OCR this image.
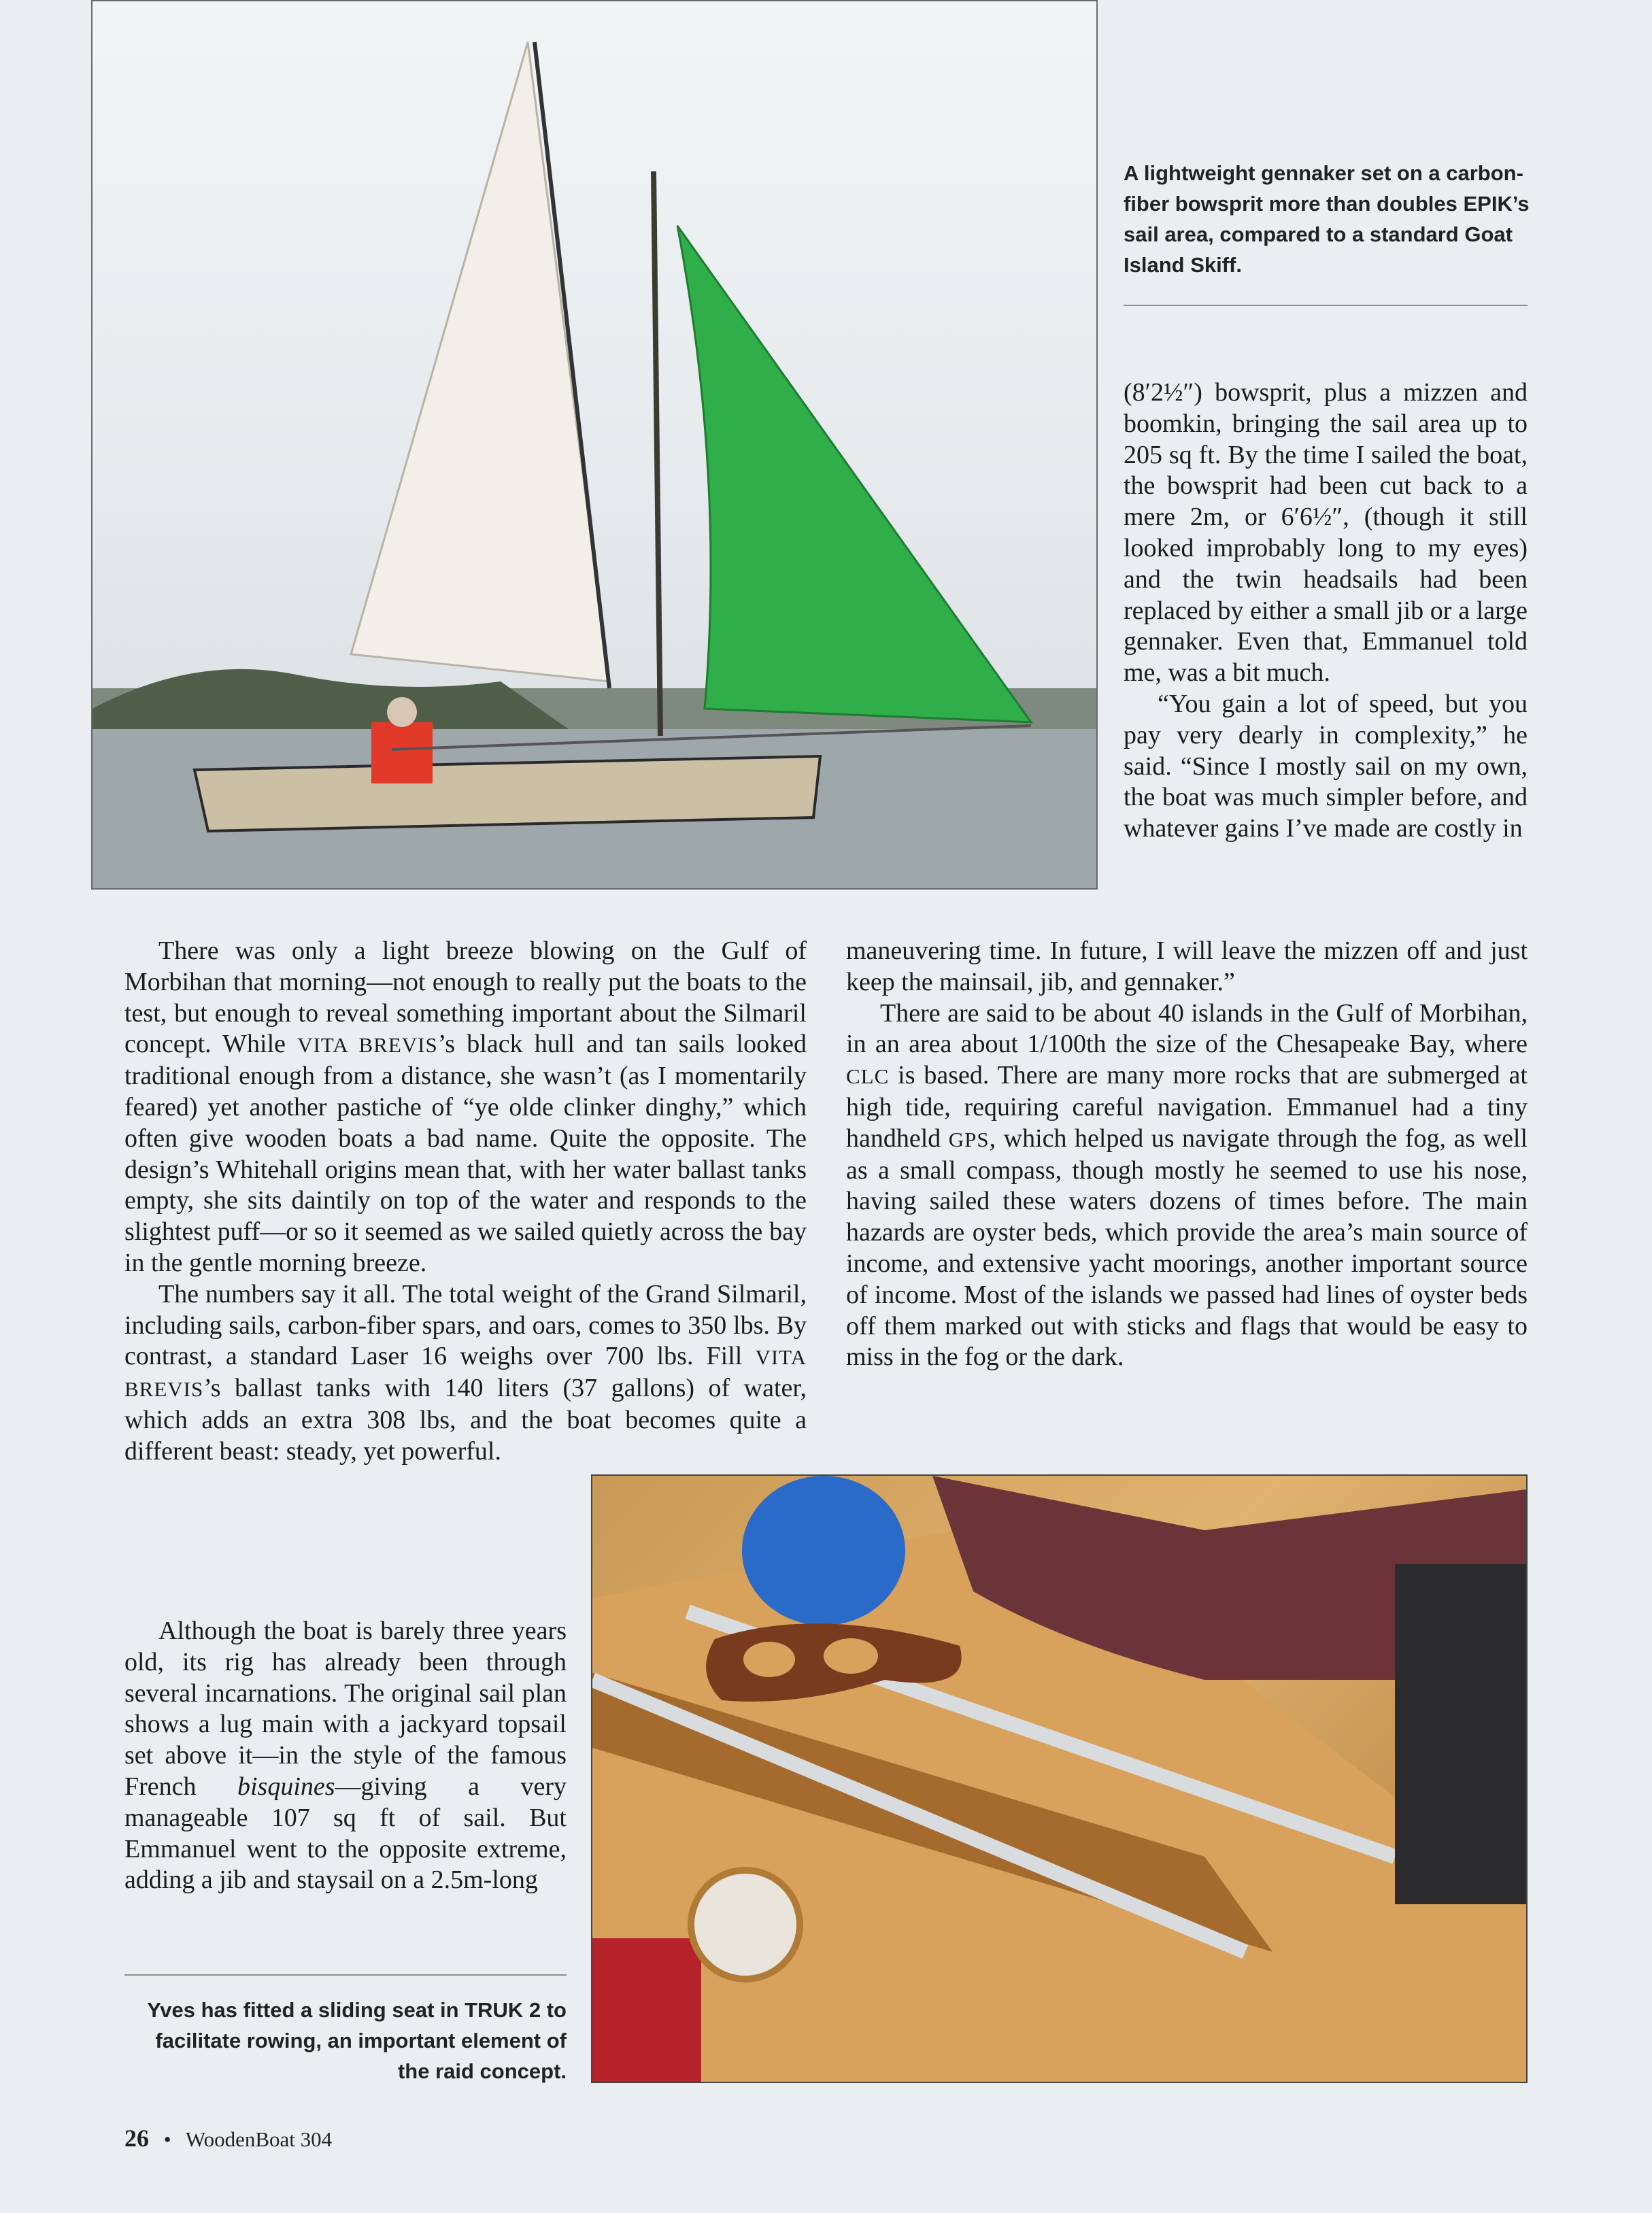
A lightweight gennaker set on a carbon-fiber bowsprit more than doubles EPIK’s sail area, compared to a standard Goat Island Skiff.

(8′2½″) bowsprit, plus a mizzen and boomkin, bringing the sail area up to 205 sq ft. By the time I sailed the boat, the bowsprit had been cut back to a mere 2m, or 6′6½″, (though it still looked improbably long to my eyes) and the twin headsails had been replaced by either a small jib or a large gennaker. Even that, Emmanuel told me, was a bit much.

“You gain a lot of speed, but you pay very dearly in complexity,” he said. “Since I mostly sail on my own, the boat was much simpler before, and whatever gains I’ve made are costly in

There was only a light breeze blowing on the Gulf of Morbihan that morning—not enough to really put the boats to the test, but enough to reveal something important about the Silmaril concept. While VITA BREVIS’s black hull and tan sails looked traditional enough from a distance, she wasn’t (as I momentarily feared) yet another pastiche of “ye olde clinker dinghy,” which often give wooden boats a bad name. Quite the opposite. The design’s Whitehall origins mean that, with her water ballast tanks empty, she sits daintily on top of the water and responds to the slightest puff—or so it seemed as we sailed quietly across the bay in the gentle morning breeze.

The numbers say it all. The total weight of the Grand Silmaril, including sails, carbon-fiber spars, and oars, comes to 350 lbs. By contrast, a standard Laser 16 weighs over 700 lbs. Fill VITA BREVIS’s ballast tanks with 140 liters (37 gallons) of water, which adds an extra 308 lbs, and the boat becomes quite a different beast: steady, yet powerful.

Although the boat is barely three years old, its rig has already been through several incarnations. The original sail plan shows a lug main with a jackyard topsail set above it—in the style of the famous French bisquines—giving a very manageable 107 sq ft of sail. But Emmanuel went to the opposite extreme, adding a jib and staysail on a 2.5m-long

maneuvering time. In future, I will leave the mizzen off and just keep the mainsail, jib, and gennaker.”

There are said to be about 40 islands in the Gulf of Morbihan, in an area about 1/100th the size of the Chesapeake Bay, where CLC is based. There are many more rocks that are submerged at high tide, requiring careful navigation. Emmanuel had a tiny handheld GPS, which helped us navigate through the fog, as well as a small compass, though mostly he seemed to use his nose, having sailed these waters dozens of times before. The main hazards are oyster beds, which provide the area’s main source of income, and extensive yacht moorings, another important source of income. Most of the islands we passed had lines of oyster beds off them marked out with sticks and flags that would be easy to miss in the fog or the dark.

Yves has fitted a sliding seat in TRUK 2 to facilitate rowing, an important element of the raid concept.
26 • WoodenBoat 304
